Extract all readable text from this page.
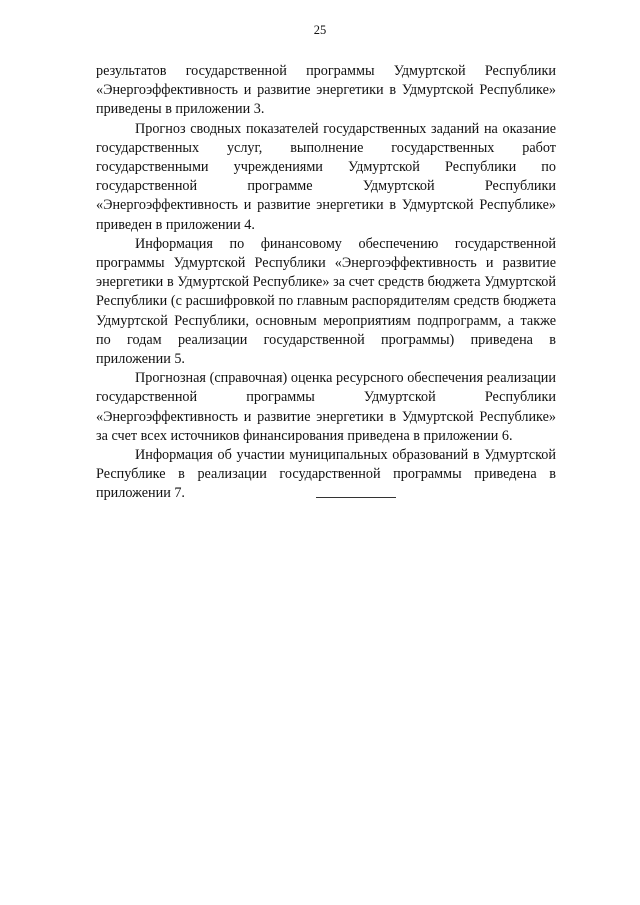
25

результатов государственной программы Удмуртской Республики «Энергоэффективность и развитие энергетики в Удмуртской Республике» приведены в приложении 3.

Прогноз сводных показателей государственных заданий на оказание государственных услуг, выполнение государственных работ государственными учреждениями Удмуртской Республики по государственной программе Удмуртской Республики «Энергоэффективность и развитие энергетики в Удмуртской Республике» приведен в приложении 4.

Информация по финансовому обеспечению государственной программы Удмуртской Республики «Энергоэффективность и развитие энергетики в Удмуртской Республике» за счет средств бюджета Удмуртской Республики (с расшифровкой по главным распорядителям средств бюджета Удмуртской Республики, основным мероприятиям подпрограмм, а также по годам реализации государственной программы) приведена в приложении 5.

Прогнозная (справочная) оценка ресурсного обеспечения реализации государственной программы Удмуртской Республики «Энергоэффективность и развитие энергетики в Удмуртской Республике» за счет всех источников финансирования приведена в приложении 6.

Информация об участии муниципальных образований в Удмуртской Республике в реализации государственной программы приведена в приложении 7.
